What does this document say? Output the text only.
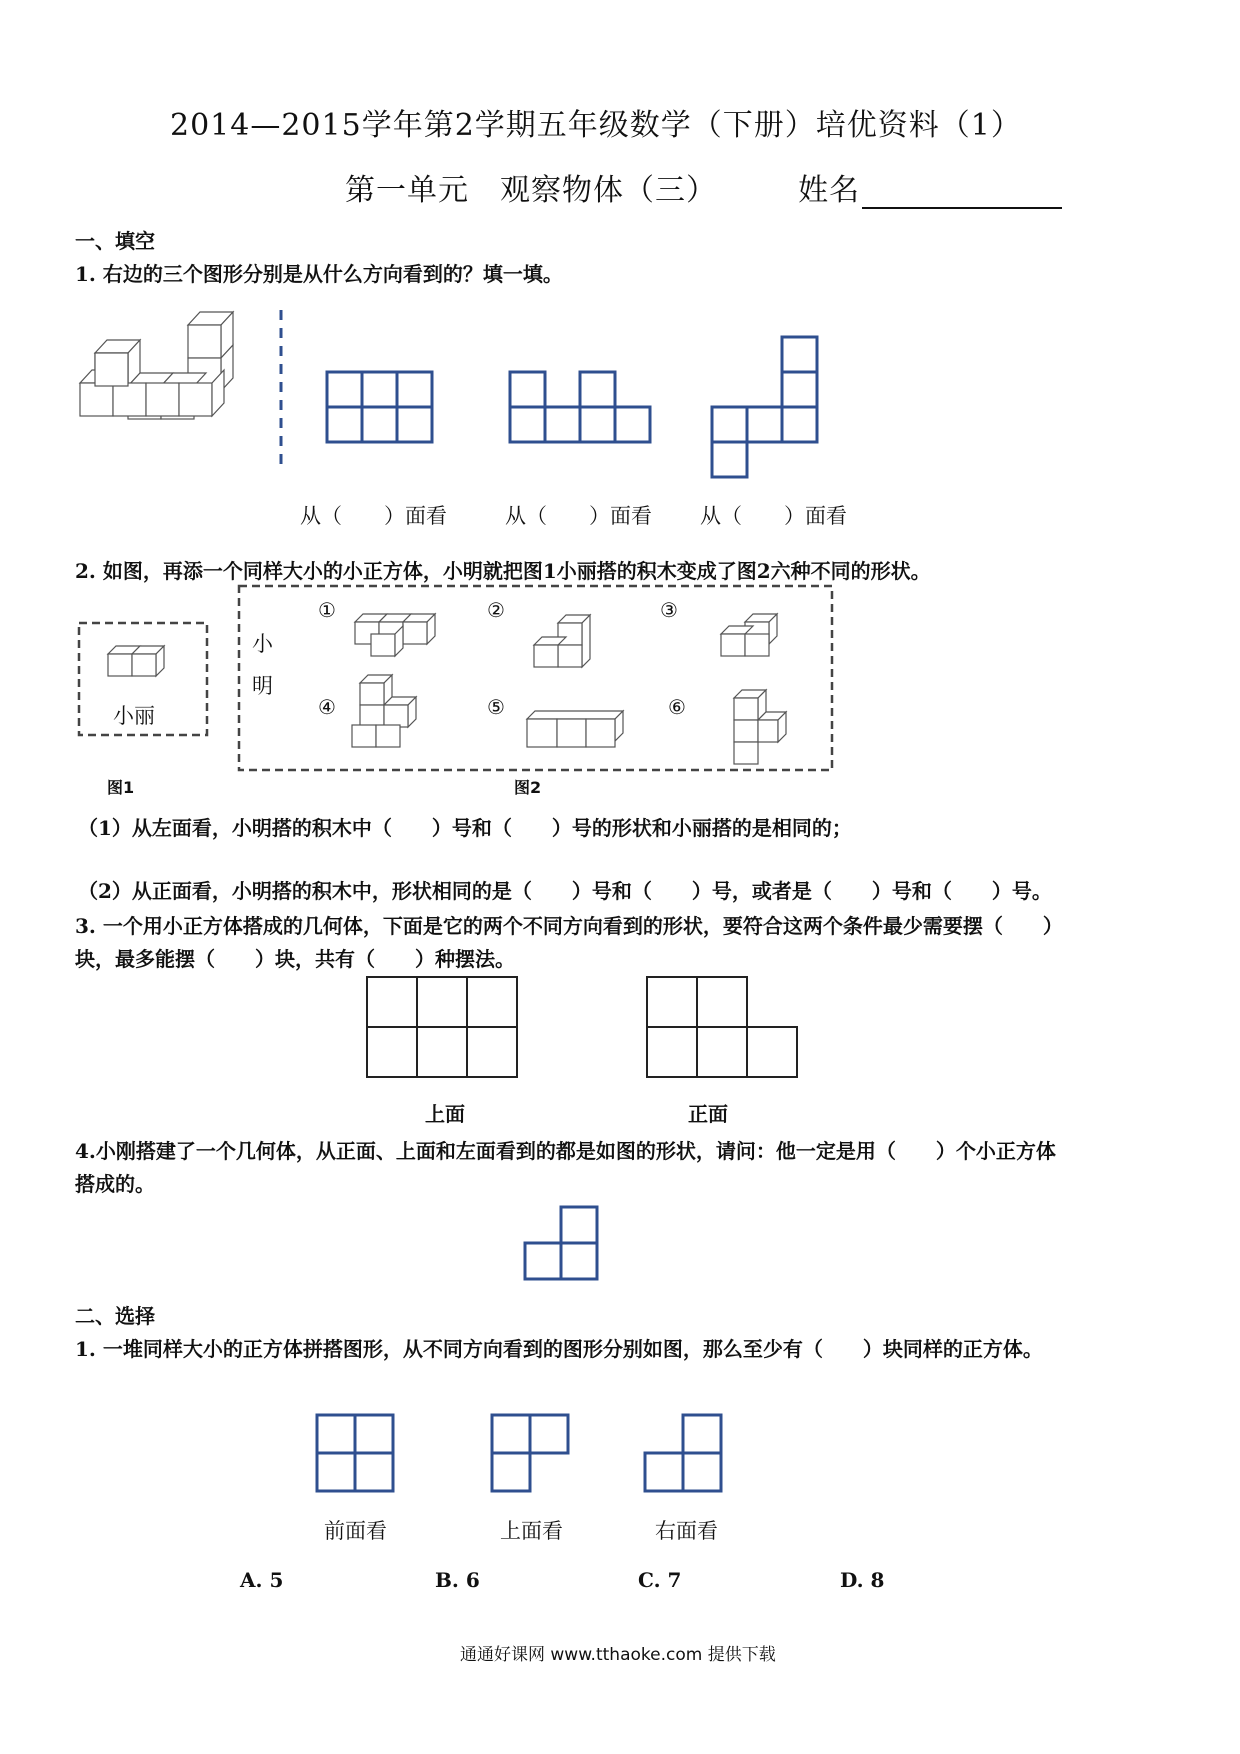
2014—2015学年第2学期五年级数学（下册）培优资料（1）
第一单元　观察物体（三）	姓名
一、填空
1. 右边的三个图形分别是从什么方向看到的？填一填。
从（　　）面看	从（　　）面看 从（　　）面看
2. 如图，再添一个同样大小的小正方体，小明就把图1小丽搭的积木变成了图2六种不同的形状。
小丽
图1
小
明
图2
①	②	③
④	⑤	⑥
（1）从左面看，小明搭的积木中（　　）号和（　　）号的形状和小丽搭的是相同的；
（2）从正面看，小明搭的积木中，形状相同的是（　　）号和（　　）号，或者是（　　）号和（　　）号。
3. 一个用小正方体搭成的几何体，下面是它的两个不同方向看到的形状，要符合这两个条件最少需要摆（　　）
块，最多能摆（　　）块，共有（　　）种摆法。
上面	正面
4.小刚搭建了一个几何体，从正面、上面和左面看到的都是如图的形状，请问：他一定是用（　　）个小正方体
搭成的。
二、选择
1. 一堆同样大小的正方体拼搭图形，从不同方向看到的图形分别如图，那么至少有（　　）块同样的正方体。
前面看	上面看	右面看
A. 5	B. 6	C. 7	D. 8
通通好课网 www.tthaoke.com 提供下载
